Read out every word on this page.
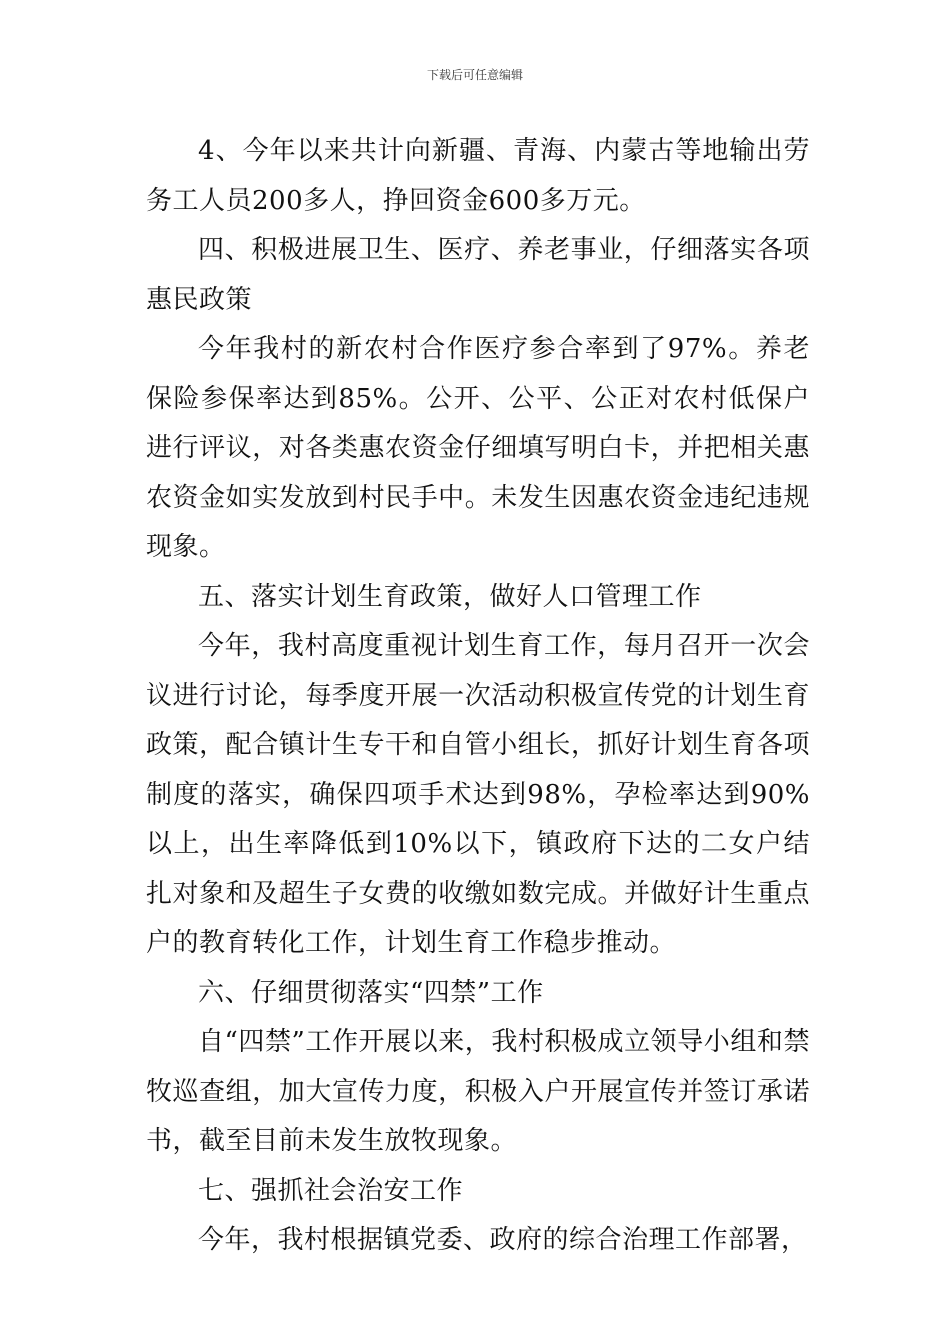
下载后可任意编辑

4、今年以来共计向新疆、青海、内蒙古等地输出劳务工人员200多人，挣回资金600多万元。

四、积极进展卫生、医疗、养老事业，仔细落实各项惠民政策

今年我村的新农村合作医疗参合率到了97%。养老保险参保率达到85%。公开、公平、公正对农村低保户进行评议，对各类惠农资金仔细填写明白卡，并把相关惠农资金如实发放到村民手中。未发生因惠农资金违纪违规现象。

五、落实计划生育政策，做好人口管理工作

今年，我村高度重视计划生育工作，每月召开一次会议进行讨论，每季度开展一次活动积极宣传党的计划生育政策，配合镇计生专干和自管小组长，抓好计划生育各项制度的落实，确保四项手术达到98%，孕检率达到90%以上，出生率降低到10%以下，镇政府下达的二女户结扎对象和及超生子女费的收缴如数完成。并做好计生重点户的教育转化工作，计划生育工作稳步推动。

六、仔细贯彻落实“四禁”工作

自“四禁”工作开展以来，我村积极成立领导小组和禁牧巡查组，加大宣传力度，积极入户开展宣传并签订承诺书，截至目前未发生放牧现象。

七、强抓社会治安工作

今年，我村根据镇党委、政府的综合治理工作部署，
